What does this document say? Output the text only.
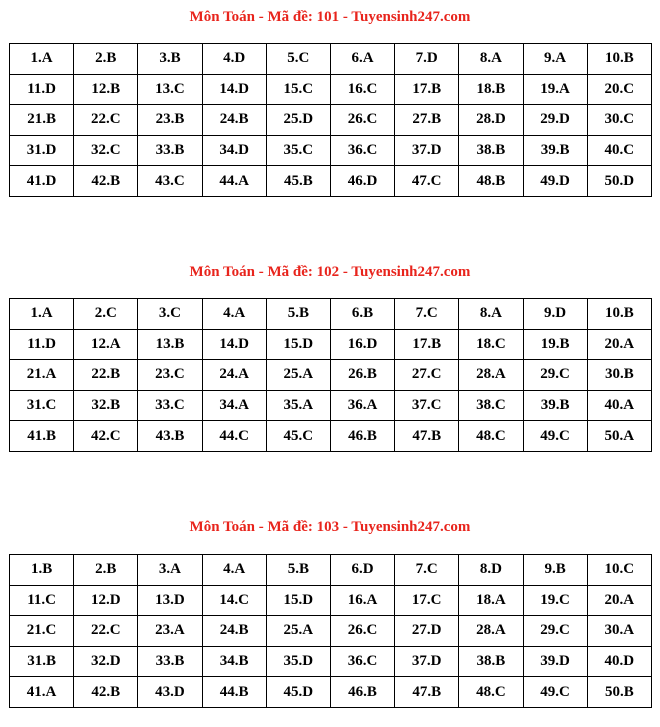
Môn Toán - Mã đề: 101 - Tuyensinh247.com
1.A	2.B	3.B	4.D	5.C	6.A	7.D	8.A	9.A	10.B
11.D	12.B	13.C	14.D	15.C	16.C	17.B	18.B	19.A	20.C
21.B	22.C	23.B	24.B	25.D	26.C	27.B	28.D	29.D	30.C
31.D	32.C	33.B	34.D	35.C	36.C	37.D	38.B	39.B	40.C
41.D	42.B	43.C	44.A	45.B	46.D	47.C	48.B	49.D	50.D
Môn Toán - Mã đề: 102 - Tuyensinh247.com
1.A	2.C	3.C	4.A	5.B	6.B	7.C	8.A	9.D	10.B
11.D	12.A	13.B	14.D	15.D	16.D	17.B	18.C	19.B	20.A
21.A	22.B	23.C	24.A	25.A	26.B	27.C	28.A	29.C	30.B
31.C	32.B	33.C	34.A	35.A	36.A	37.C	38.C	39.B	40.A
41.B	42.C	43.B	44.C	45.C	46.B	47.B	48.C	49.C	50.A
Môn Toán - Mã đề: 103 - Tuyensinh247.com
1.B	2.B	3.A	4.A	5.B	6.D	7.C	8.D	9.B	10.C
11.C	12.D	13.D	14.C	15.D	16.A	17.C	18.A	19.C	20.A
21.C	22.C	23.A	24.B	25.A	26.C	27.D	28.A	29.C	30.A
31.B	32.D	33.B	34.B	35.D	36.C	37.D	38.B	39.D	40.D
41.A	42.B	43.D	44.B	45.D	46.B	47.B	48.C	49.C	50.B
